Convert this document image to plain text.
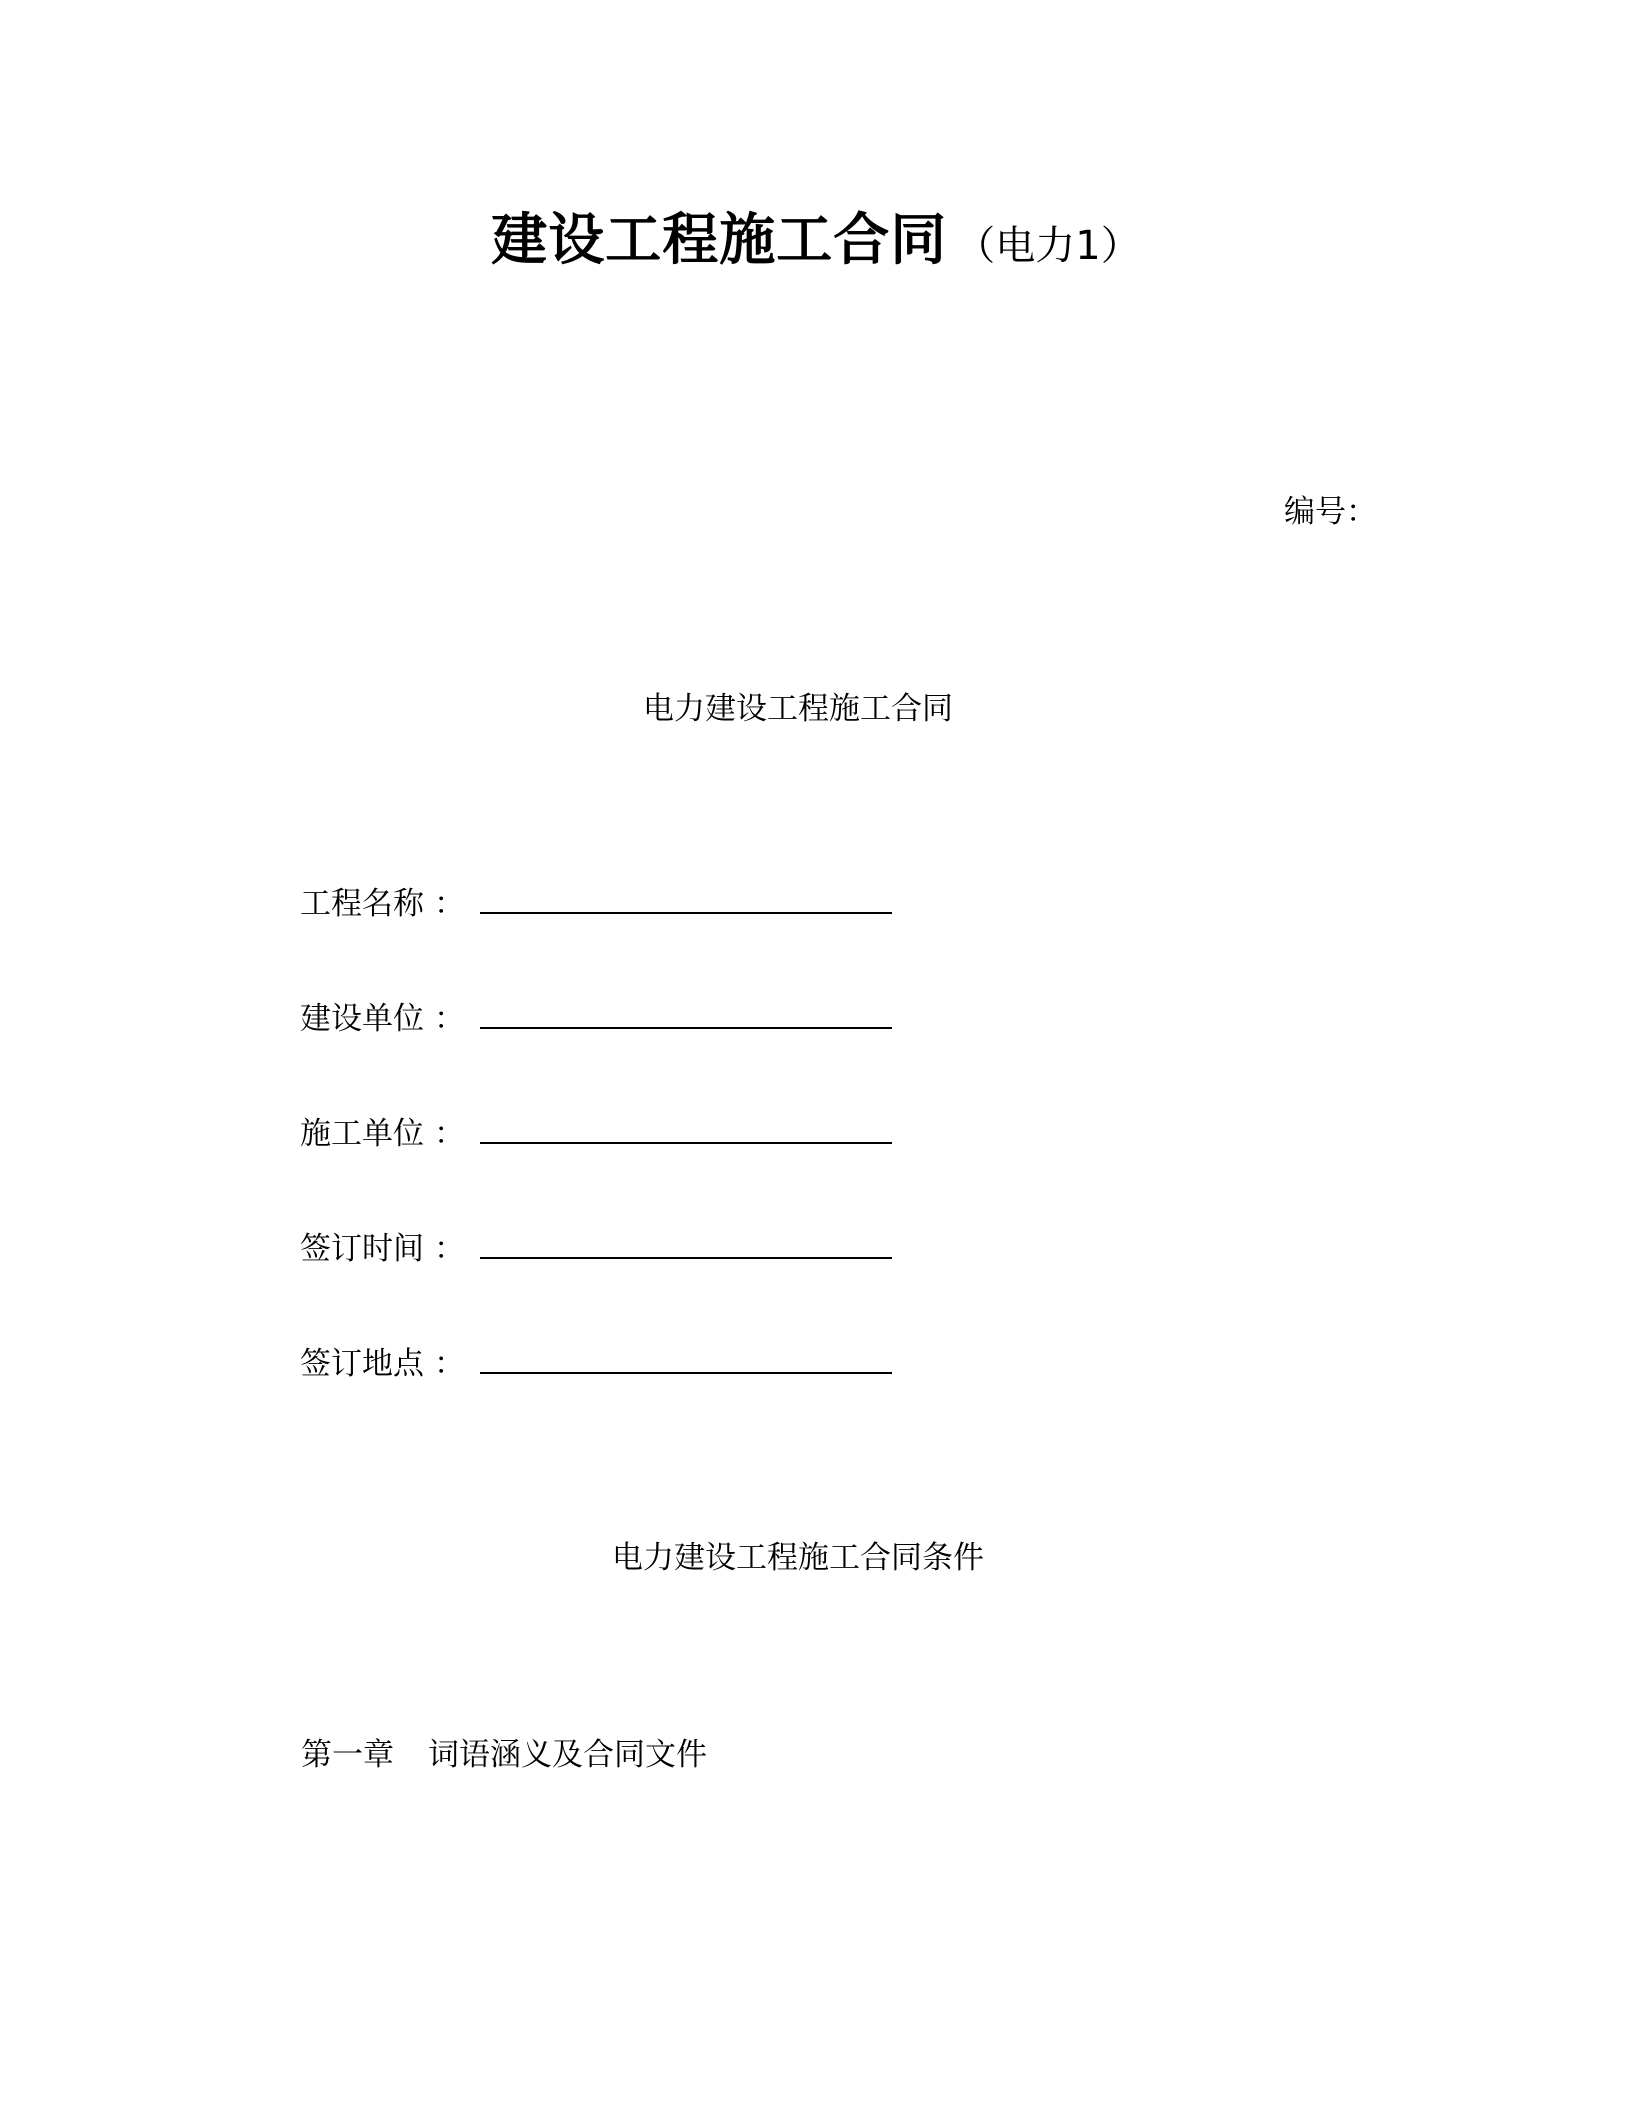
建设工程施工合同 （电力1）
编号：
电力建设工程施工合同
工程名称 ：
建设单位 ：
施工单位 ：
签订时间 ：
签订地点 ：
电力建设工程施工合同条件
第一章 词语涵义及合同文件
